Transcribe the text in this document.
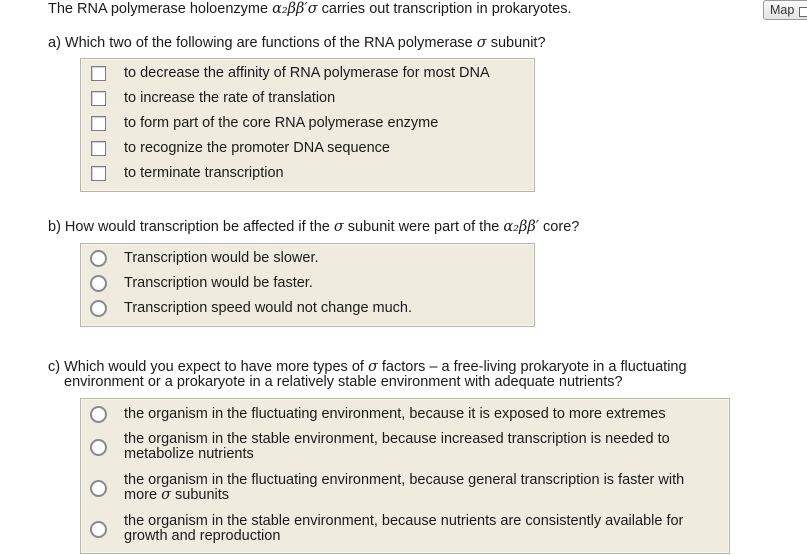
Map
The RNA polymerase holoenzyme α₂ββ′σ carries out transcription in prokaryotes.
a) Which two of the following are functions of the RNA polymerase σ subunit?
to decrease the affinity of RNA polymerase for most DNA
to increase the rate of translation
to form part of the core RNA polymerase enzyme
to recognize the promoter DNA sequence
to terminate transcription
b) How would transcription be affected if the σ subunit were part of the α₂ββ′ core?
Transcription would be slower.
Transcription would be faster.
Transcription speed would not change much.
c) Which would you expect to have more types of σ factors – a free-living prokaryote in a fluctuating
environment or a prokaryote in a relatively stable environment with adequate nutrients?
the organism in the fluctuating environment, because it is exposed to more extremes
the organism in the stable environment, because increased transcription is needed to
metabolize nutrients
the organism in the fluctuating environment, because general transcription is faster with
more σ subunits
the organism in the stable environment, because nutrients are consistently available for
growth and reproduction
